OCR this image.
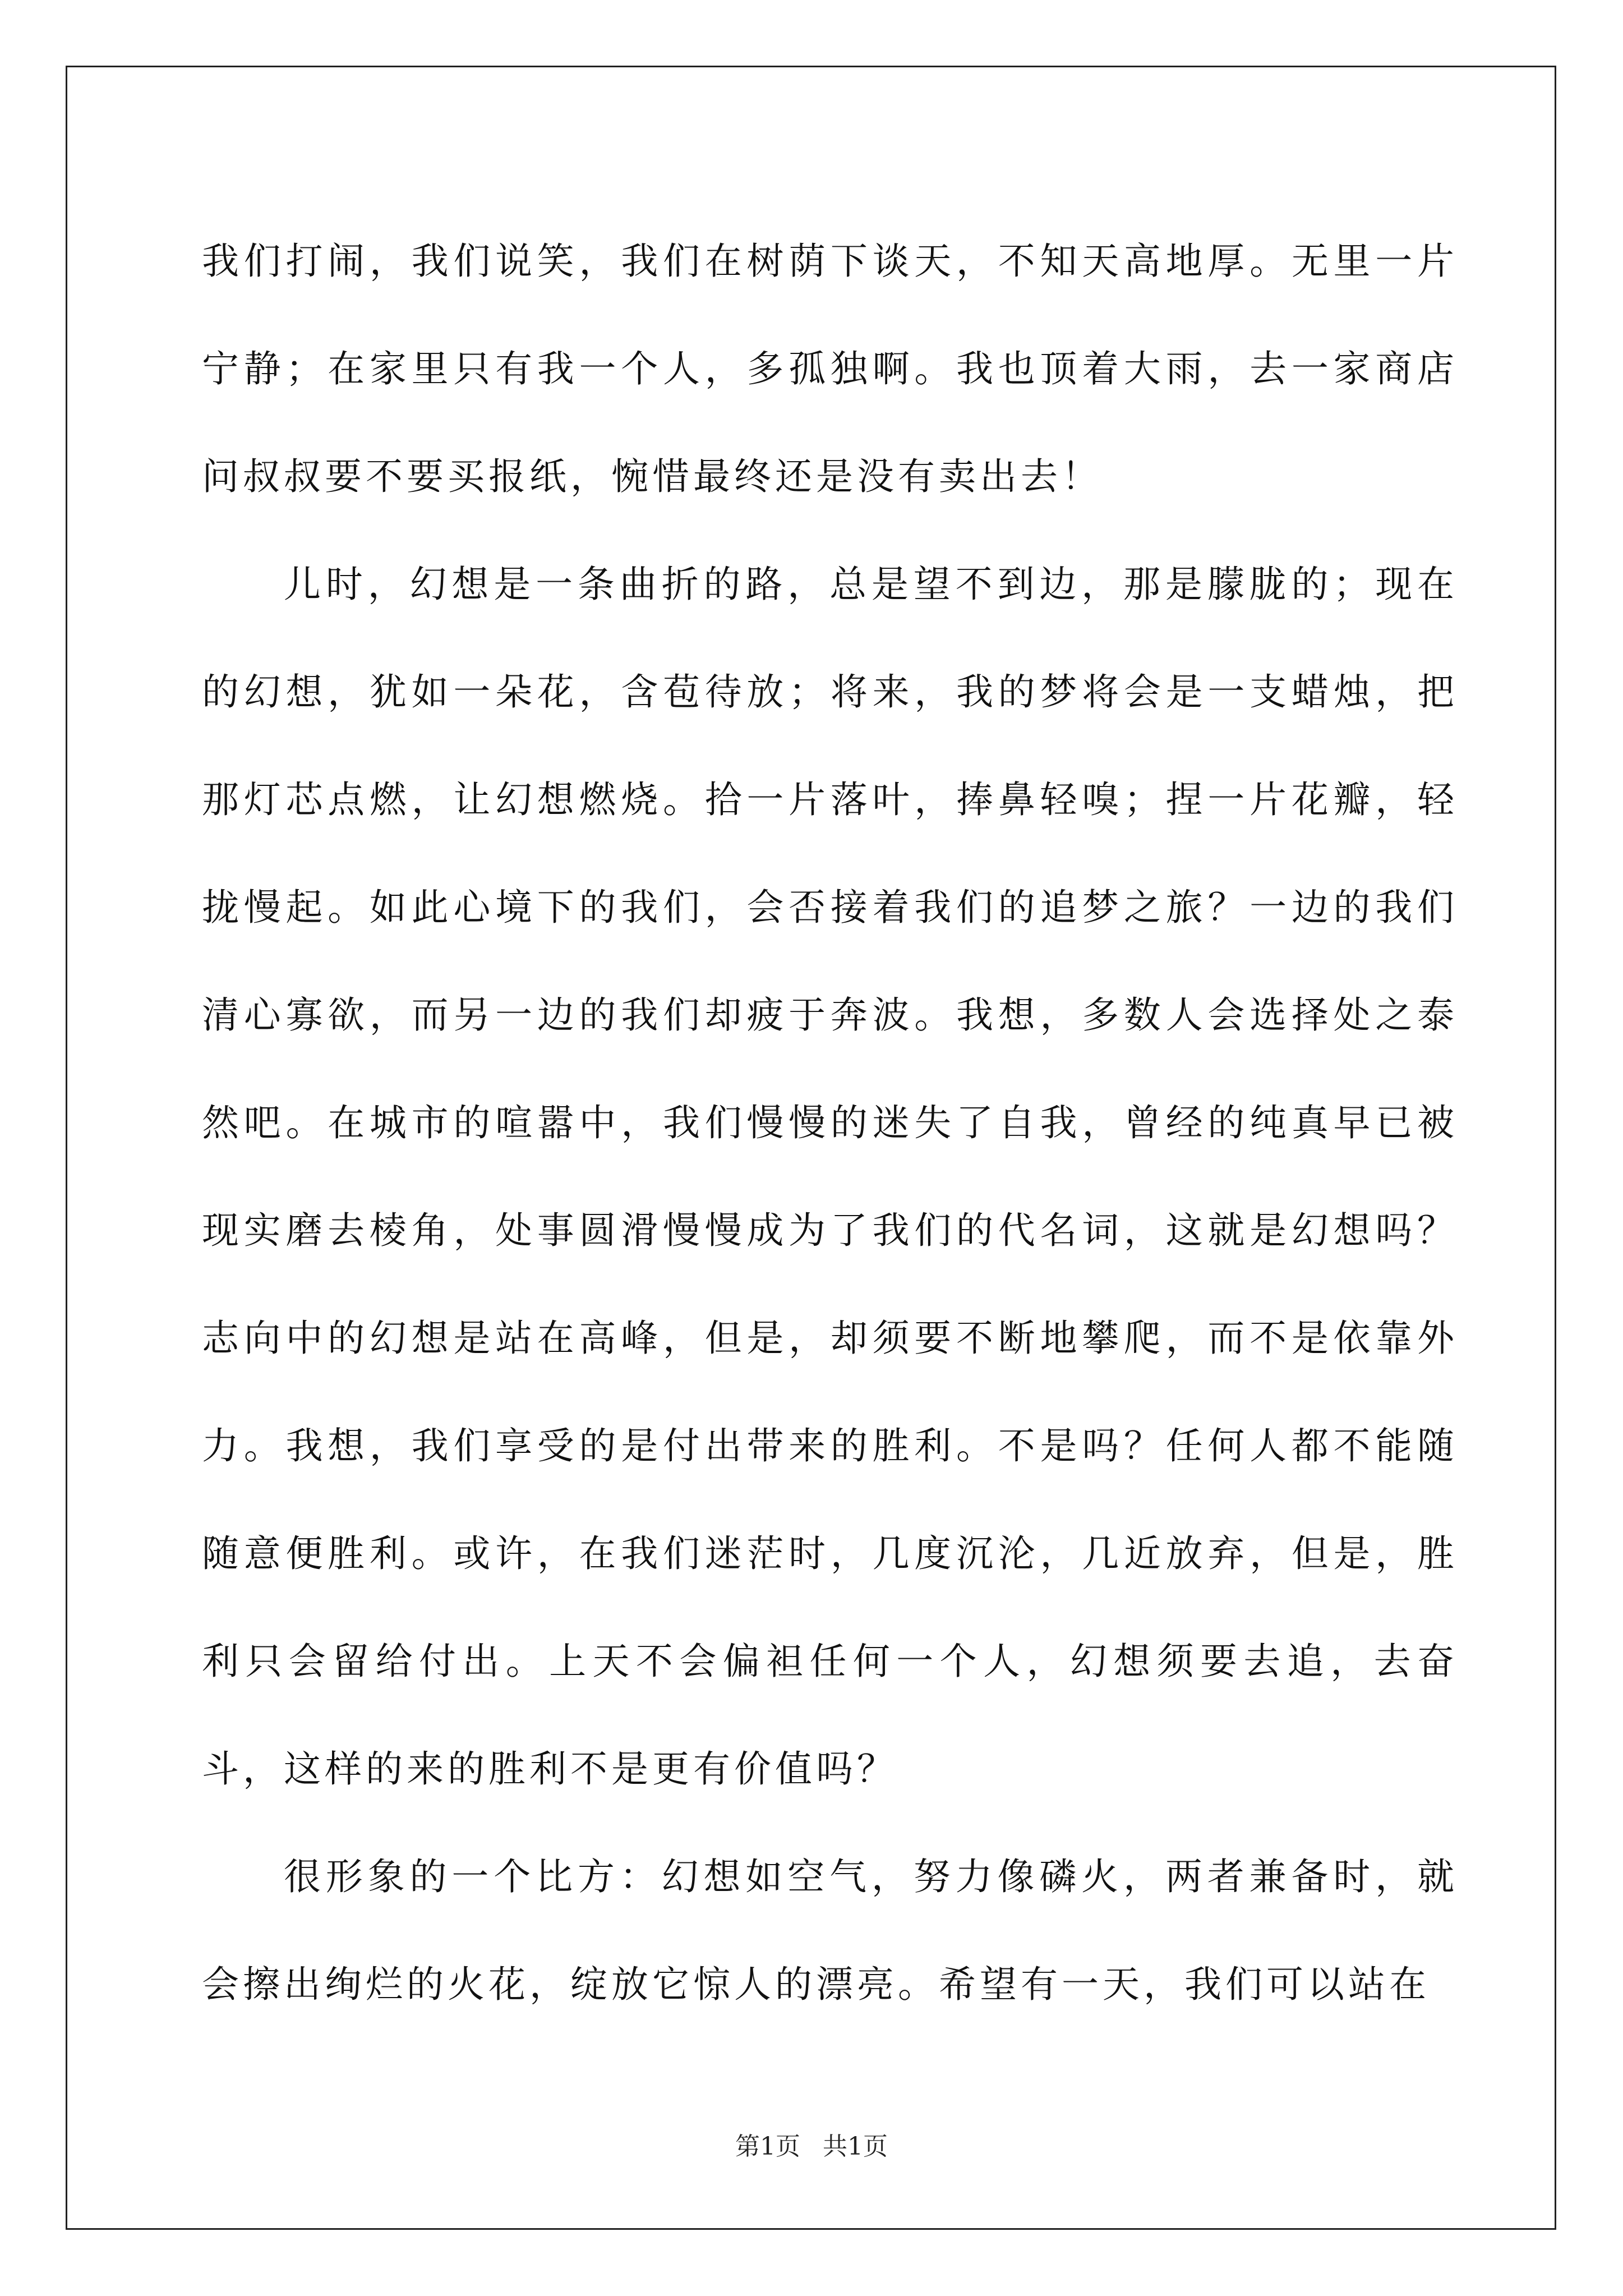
我们打闹，我们说笑，我们在树荫下谈天，不知天高地厚。无里一片宁静；在家里只有我一个人，多孤独啊。我也顶着大雨，去一家商店问叔叔要不要买报纸，惋惜最终还是没有卖出去！

儿时，幻想是一条曲折的路，总是望不到边，那是朦胧的；现在的幻想，犹如一朵花，含苞待放；将来，我的梦将会是一支蜡烛，把那灯芯点燃，让幻想燃烧。拾一片落叶，捧鼻轻嗅；捏一片花瓣，轻拢慢起。如此心境下的我们，会否接着我们的追梦之旅？一边的我们清心寡欲，而另一边的我们却疲于奔波。我想，多数人会选择处之泰然吧。在城市的喧嚣中，我们慢慢的迷失了自我，曾经的纯真早已被现实磨去棱角，处事圆滑慢慢成为了我们的代名词，这就是幻想吗？志向中的幻想是站在高峰，但是，却须要不断地攀爬，而不是依靠外力。我想，我们享受的是付出带来的胜利。不是吗？任何人都不能随随意便胜利。或许，在我们迷茫时，几度沉沦，几近放弃，但是，胜利只会留给付出。上天不会偏袒任何一个人，幻想须要去追，去奋斗，这样的来的胜利不是更有价值吗？

很形象的一个比方：幻想如空气，努力像磷火，两者兼备时，就会擦出绚烂的火花，绽放它惊人的漂亮。希望有一天，我们可以站在

第1页 共1页
